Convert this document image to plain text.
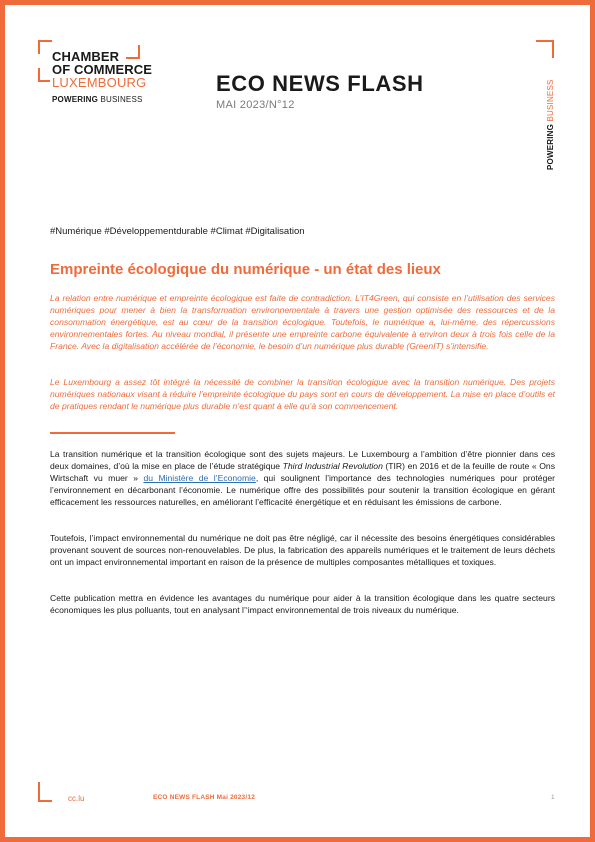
CHAMBER
OF COMMERCE
LUXEMBOURG
POWERING BUSINESS
ECO NEWS FLASH
MAI 2023/N°12
POWERING BUSINESS
#Numérique #Développementdurable #Climat #Digitalisation
Empreinte écologique du numérique - un état des lieux

La relation entre numérique et empreinte écologique est faite de contradiction. L’IT4Green, qui consiste en l’utilisation des services numériques pour mener à bien la transformation environnementale à travers une gestion optimisée des ressources et de la consommation énergétique, est au cœur de la transition écologique. Toutefois, le numérique a, lui-même, des répercussions environnementales fortes. Au niveau mondial, il présente une empreinte carbone équivalente à environ deux à trois fois celle de la France. Avec la digitalisation accélérée de l’économie, le besoin d’un numérique plus durable (GreenIT) s’intensifie.

Le Luxembourg a assez tôt intégré la nécessité de combiner la transition écologique avec la transition numérique. Des projets numériques nationaux visant à réduire l’empreinte écologique du pays sont en cours de développement. La mise en place d’outils et de pratiques rendant le numérique plus durable n’est quant à elle qu’à son commencement.

La transition numérique et la transition écologique sont des sujets majeurs. Le Luxembourg a l’ambition d’être pionnier dans ces deux domaines, d’où la mise en place de l’étude stratégique Third Industrial Revolution (TIR) en 2016 et de la feuille de route « Ons Wirtschaft vu muer » du Ministère de l’Economie, qui soulignent l’importance des technologies numériques pour protéger l’environnement en décarbonant l’économie. Le numérique offre des possibilités pour soutenir la transition écologique en gérant efficacement les ressources naturelles, en améliorant l’efficacité énergétique et en réduisant les émissions de carbone.

Toutefois, l’impact environnemental du numérique ne doit pas être négligé, car il nécessite des besoins énergétiques considérables provenant souvent de sources non-renouvelables. De plus, la fabrication des appareils numériques et le traitement de leurs déchets ont un impact environnemental important en raison de la présence de multiples composantes métalliques et toxiques.

Cette publication mettra en évidence les avantages du numérique pour aider à la transition écologique dans les quatre secteurs économiques les plus polluants, tout en analysant l’‘impact environnemental de trois niveaux du numérique.

cc.lu	ECO NEWS FLASH Mai 2023/12	1
